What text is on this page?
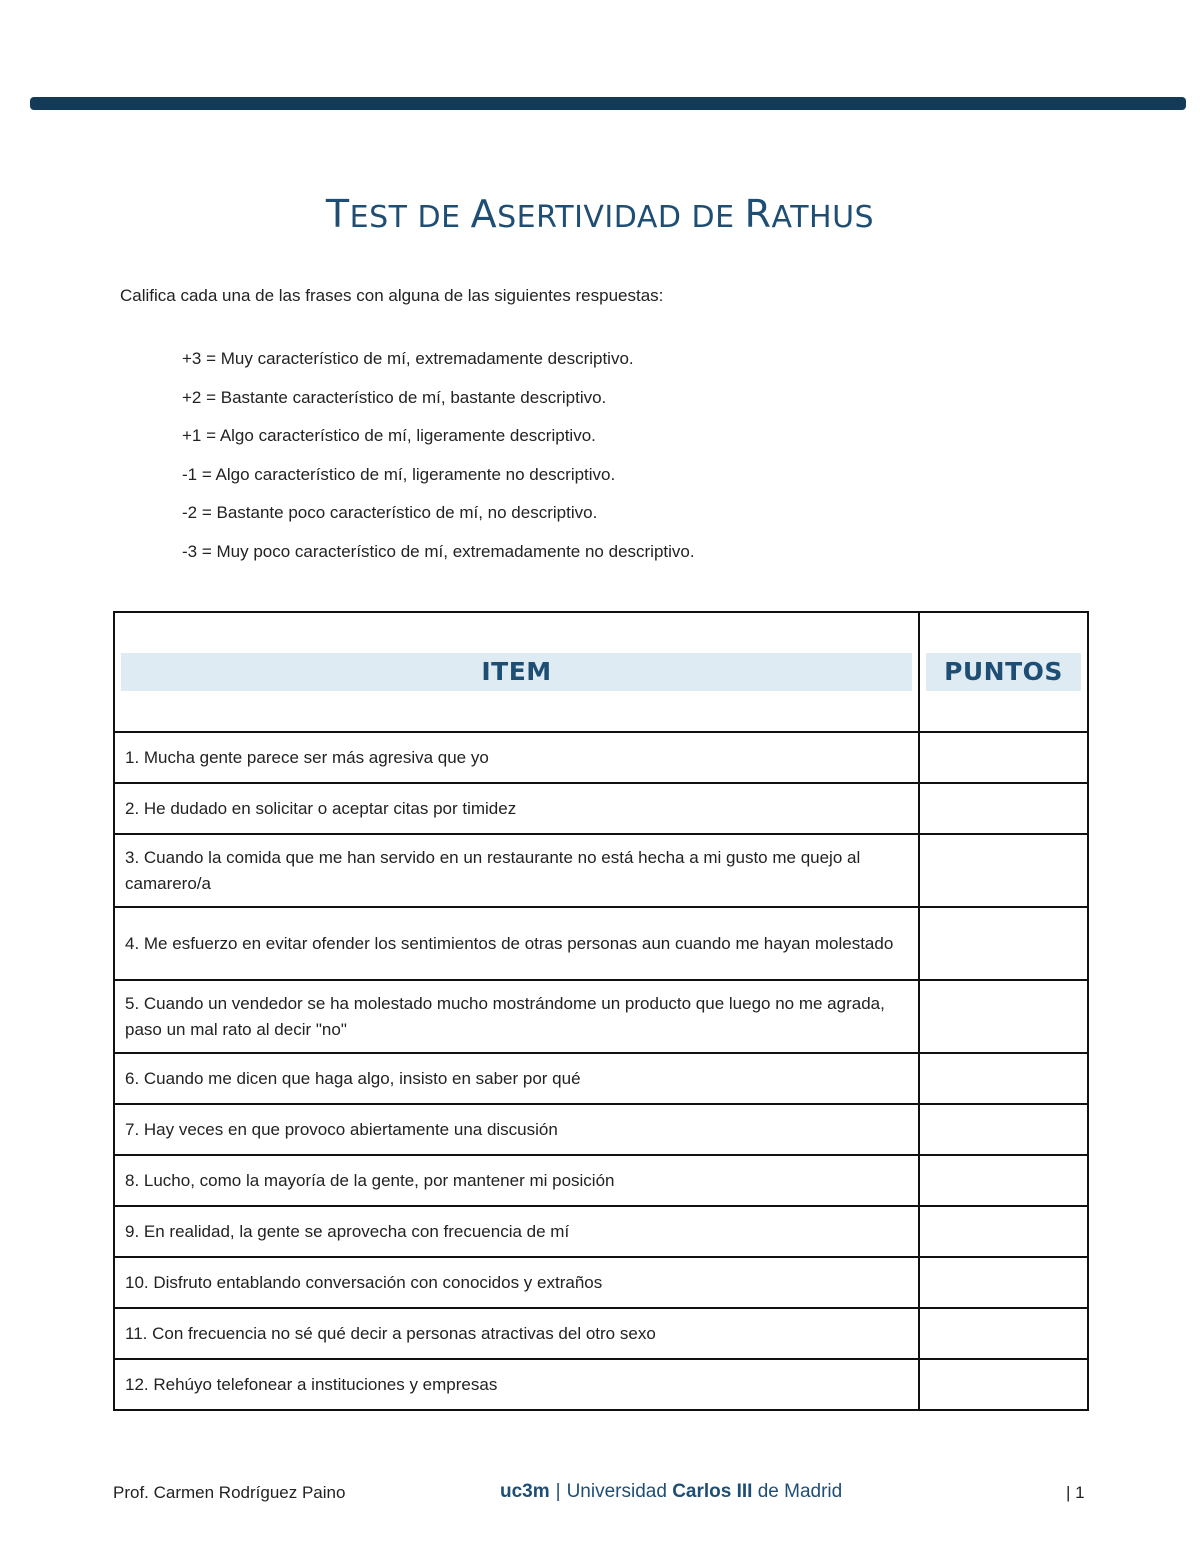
TEST DE ASERTIVIDAD DE RATHUS
Califica cada una de las frases con alguna de las siguientes respuestas:
+3 = Muy característico de mí, extremadamente descriptivo.
+2 = Bastante característico de mí, bastante descriptivo.
+1 = Algo característico de mí, ligeramente descriptivo.
-1 = Algo característico de mí, ligeramente no descriptivo.
-2 = Bastante poco característico de mí, no descriptivo.
-3 = Muy poco característico de mí, extremadamente no descriptivo.
ITEM	PUNTOS

1. Mucha gente parece ser más agresiva que yo	
2. He dudado en solicitar o aceptar citas por timidez	
3. Cuando la comida que me han servido en un restaurante no está hecha a mi gusto me quejo al camarero/a	
4. Me esfuerzo en evitar ofender los sentimientos de otras personas aun cuando me hayan molestado	
5. Cuando un vendedor se ha molestado mucho mostrándome un producto que luego no me agrada, paso un mal rato al decir "no"	
6. Cuando me dicen que haga algo, insisto en saber por qué	
7. Hay veces en que provoco abiertamente una discusión	
8. Lucho, como la mayoría de la gente, por mantener mi posición	
9. En realidad, la gente se aprovecha con frecuencia de mí	
10. Disfruto entablando conversación con conocidos y extraños	
11. Con frecuencia no sé qué decir a personas atractivas del otro sexo	
12. Rehúyo telefonear a instituciones y empresas	
Prof. Carmen Rodríguez Paino	uc3m | Universidad Carlos III de Madrid	| 1
